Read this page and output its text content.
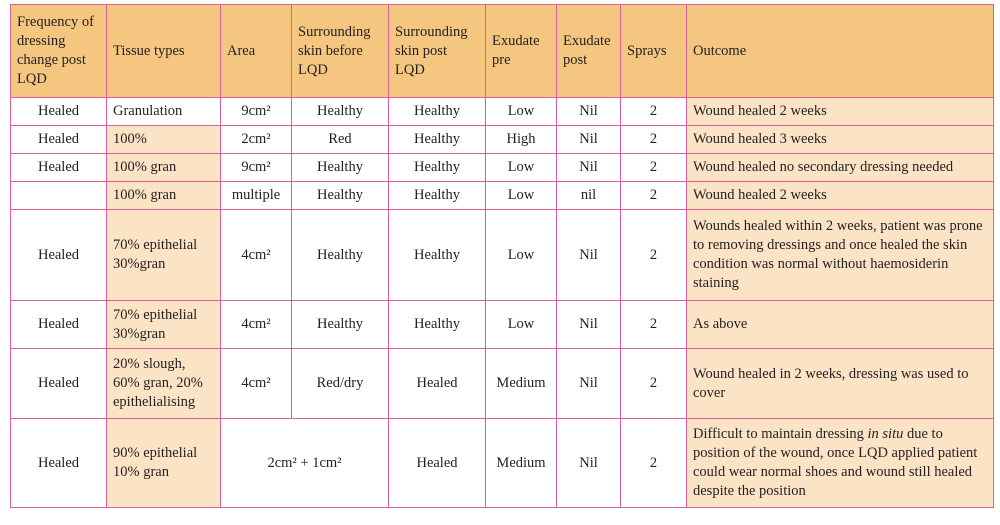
Frequency of dressing change post LQD	Tissue types	Area	Surrounding skin before LQD	Surrounding skin post LQD	Exudate pre	Exudate post	Sprays	Outcome
Healed	Granulation	9cm²	Healthy	Healthy	Low	Nil	2	Wound healed 2 weeks
Healed	100%	2cm²	Red	Healthy	High	Nil	2	Wound healed 3 weeks
Healed	100% gran	9cm²	Healthy	Healthy	Low	Nil	2	Wound healed no secondary dressing needed
	100% gran	multiple	Healthy	Healthy	Low	nil	2	Wound healed 2 weeks
Healed	70% epithelial 30%gran	4cm²	Healthy	Healthy	Low	Nil	2	Wounds healed within 2 weeks, patient was prone to removing dressings and once healed the skin condition was normal without haemosiderin staining
Healed	70% epithelial 30%gran	4cm²	Healthy	Healthy	Low	Nil	2	As above
Healed	20% slough, 60% gran, 20% epithelialising	4cm²	Red/dry	Healed	Medium	Nil	2	Wound healed in 2 weeks, dressing was used to cover
Healed	90% epithelial 10% gran	2cm² + 1cm²		Healed	Medium	Nil	2	Difficult to maintain dressing in situ due to position of the wound, once LQD applied patient could wear normal shoes and wound still healed despite the position
